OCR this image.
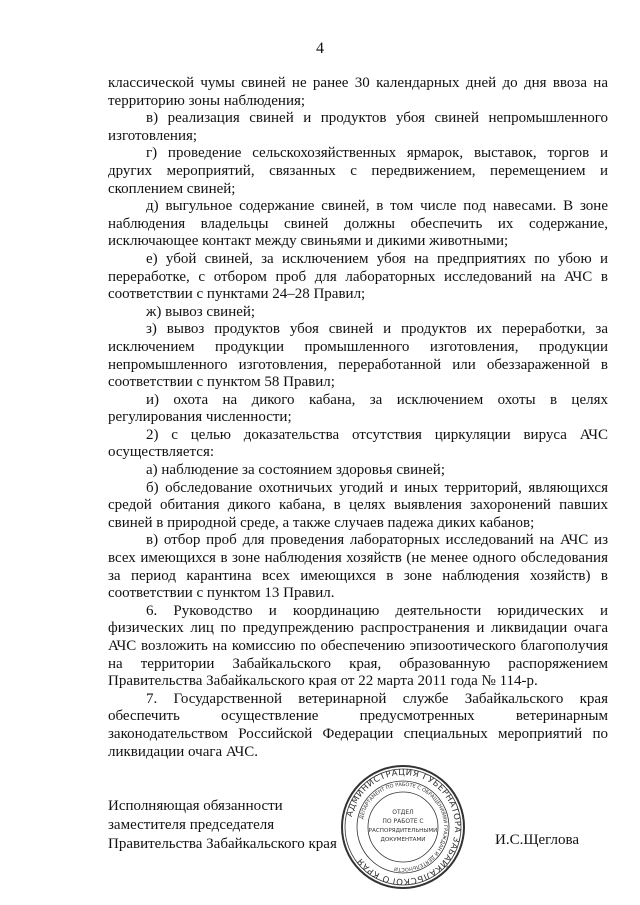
4

классической чумы свиней не ранее 30 календарных дней до дня ввоза на территорию зоны наблюдения;

в) реализация свиней и продуктов убоя свиней непромышленного изготовления;

г) проведение сельскохозяйственных ярмарок, выставок, торгов и других мероприятий, связанных с передвижением, перемещением и скоплением свиней;

д) выгульное содержание свиней, в том числе под навесами. В зоне наблюдения владельцы свиней должны обеспечить их содержание, исключающее контакт между свиньями и дикими животными;

е) убой свиней, за исключением убоя на предприятиях по убою и переработке, с отбором проб для лабораторных исследований на АЧС в соответствии с пунктами 24–28 Правил;

ж) вывоз свиней;

з) вывоз продуктов убоя свиней и продуктов их переработки, за исключением продукции промышленного изготовления, продукции непромышленного изготовления, переработанной или обеззараженной в соответствии с пунктом 58 Правил;

и) охота на дикого кабана, за исключением охоты в целях регулирования численности;

2) с целью доказательства отсутствия циркуляции вируса АЧС осуществляется:

а) наблюдение за состоянием здоровья свиней;

б) обследование охотничьих угодий и иных территорий, являющихся средой обитания дикого кабана, в целях выявления захоронений павших свиней в природной среде, а также случаев падежа диких кабанов;

в) отбор проб для проведения лабораторных исследований на АЧС из всех имеющихся в зоне наблюдения хозяйств (не менее одного обследования за период карантина всех имеющихся в зоне наблюдения хозяйств) в соответствии с пунктом 13 Правил.

6. Руководство и координацию деятельности юридических и физических лиц по предупреждению распространения и ликвидации очага АЧС возложить на комиссию по обеспечению эпизоотического благополучия на территории Забайкальского края, образованную распоряжением Правительства Забайкальского края от 22 марта 2011 года № 114-р.

7. Государственной ветеринарной службе Забайкальского края обеспечить осуществление предусмотренных ветеринарным законодательством Российской Федерации специальных мероприятий по ликвидации очага АЧС.

Исполняющая обязанности
заместителя председателя
Правительства Забайкальского края	И.С.Щеглова
АДМИНИСТРАЦИЯ ГУБЕРНАТОРА ЗАБАЙКАЛЬСКОГО КРАЯ
ДЕПАРТАМЕНТ ПО РАБОТЕ С ОБРАЩЕНИЯМИ ГРАЖДАН И ДЕЯТЕЛЬНОСТИ
ОТДЕЛ
ПО РАБОТЕ С
РАСПОРЯДИТЕЛЬНЫМИ
ДОКУМЕНТАМИ
